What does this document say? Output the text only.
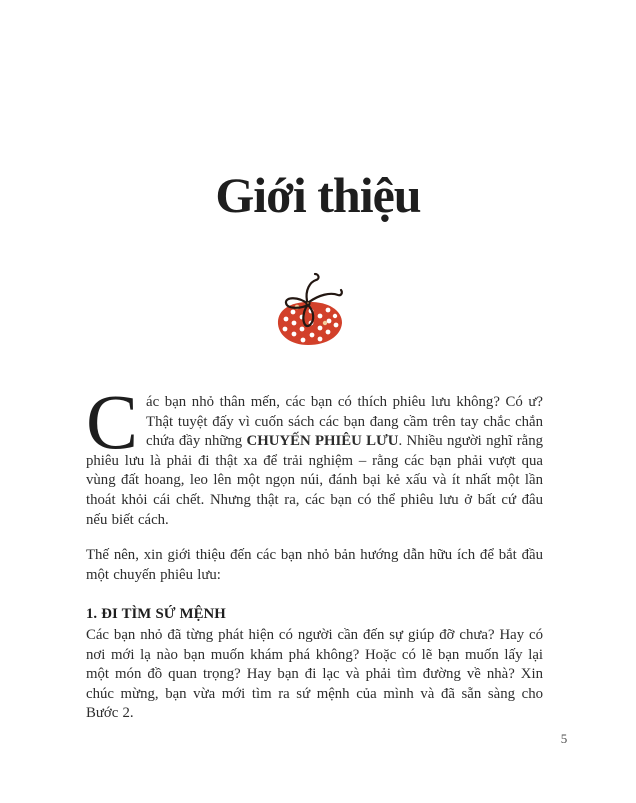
Giới thiệu

Các bạn nhỏ thân mến, các bạn có thích phiêu lưu không? Có ư? Thật tuyệt đấy vì cuốn sách các bạn đang cầm trên tay chắc chắn chứa đầy những CHUYẾN PHIÊU LƯU. Nhiều người nghĩ rằng phiêu lưu là phải đi thật xa để trải nghiệm – rằng các bạn phải vượt qua vùng đất hoang, leo lên một ngọn núi, đánh bại kẻ xấu và ít nhất một lần thoát khỏi cái chết. Nhưng thật ra, các bạn có thể phiêu lưu ở bất cứ đâu nếu biết cách.

Thế nên, xin giới thiệu đến các bạn nhỏ bản hướng dẫn hữu ích để bắt đầu một chuyến phiêu lưu:

1. ĐI TÌM SỨ MỆNH

Các bạn nhỏ đã từng phát hiện có người cần đến sự giúp đỡ chưa? Hay có nơi mới lạ nào bạn muốn khám phá không? Hoặc có lẽ bạn muốn lấy lại một món đồ quan trọng? Hay bạn đi lạc và phải tìm đường về nhà? Xin chúc mừng, bạn vừa mới tìm ra sứ mệnh của mình và đã sẵn sàng cho Bước 2.

5
